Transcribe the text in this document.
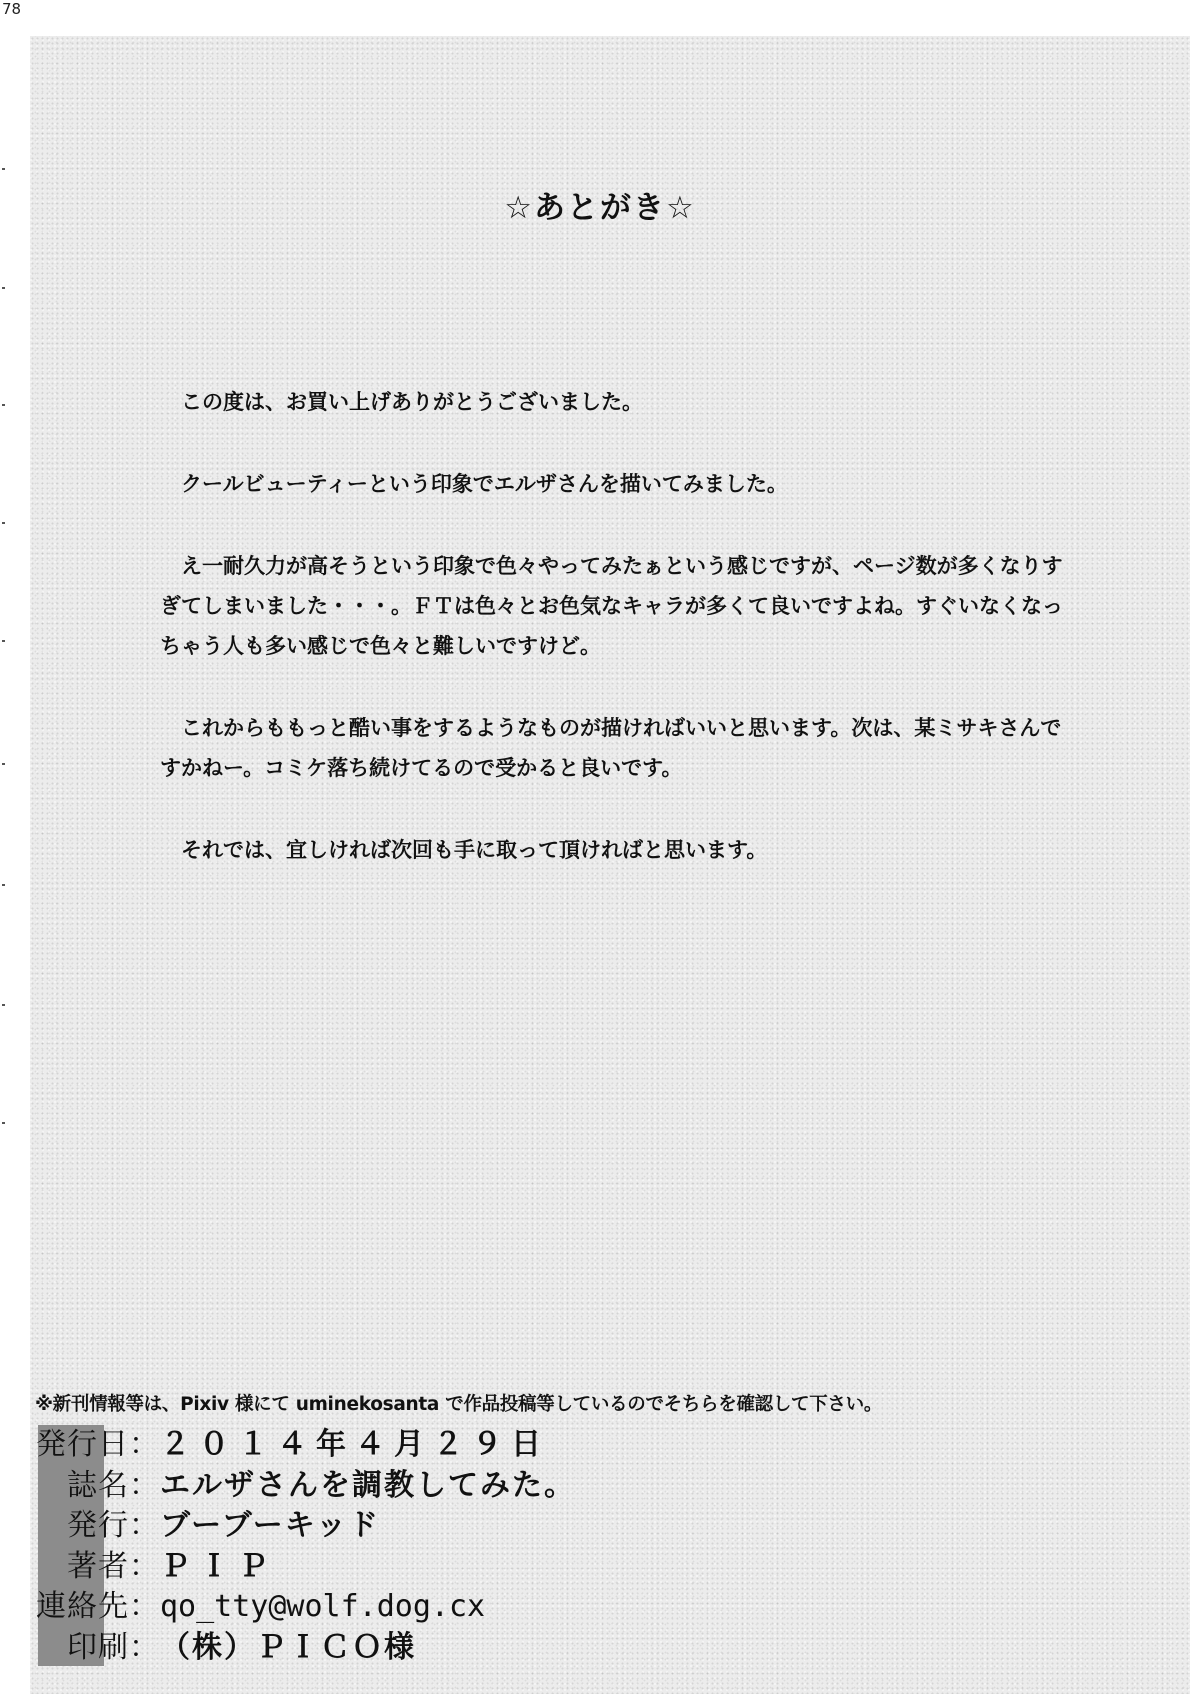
78
☆あとがき☆

この度は、お買い上げありがとうございました。

クールビューティーという印象でエルザさんを描いてみました。

え一耐久力が高そうという印象で色々やってみたぁという感じですが、ページ数が多くなりすぎてしまいました・・・。ＦＴは色々とお色気なキャラが多くて良いですよね。すぐいなくなっちゃう人も多い感じで色々と難しいですけど。

これからももっと酷い事をするようなものが描ければいいと思います。次は、某ミサキさんですかねー。コミケ落ち続けてるので受かると良いです。

それでは、宜しければ次回も手に取って頂ければと思います。

※新刊情報等は、Pixiv 様にて uminekosanta で作品投稿等しているのでそちらを確認して下さい。
発行日： ２０１４年４月２９日
誌名： エルザさんを調教してみた。
発行： ブーブーキッド
著者： ＰＩＰ
連絡先： qo_tty@wolf.dog.cx
印刷： （株）ＰＩＣＯ様
